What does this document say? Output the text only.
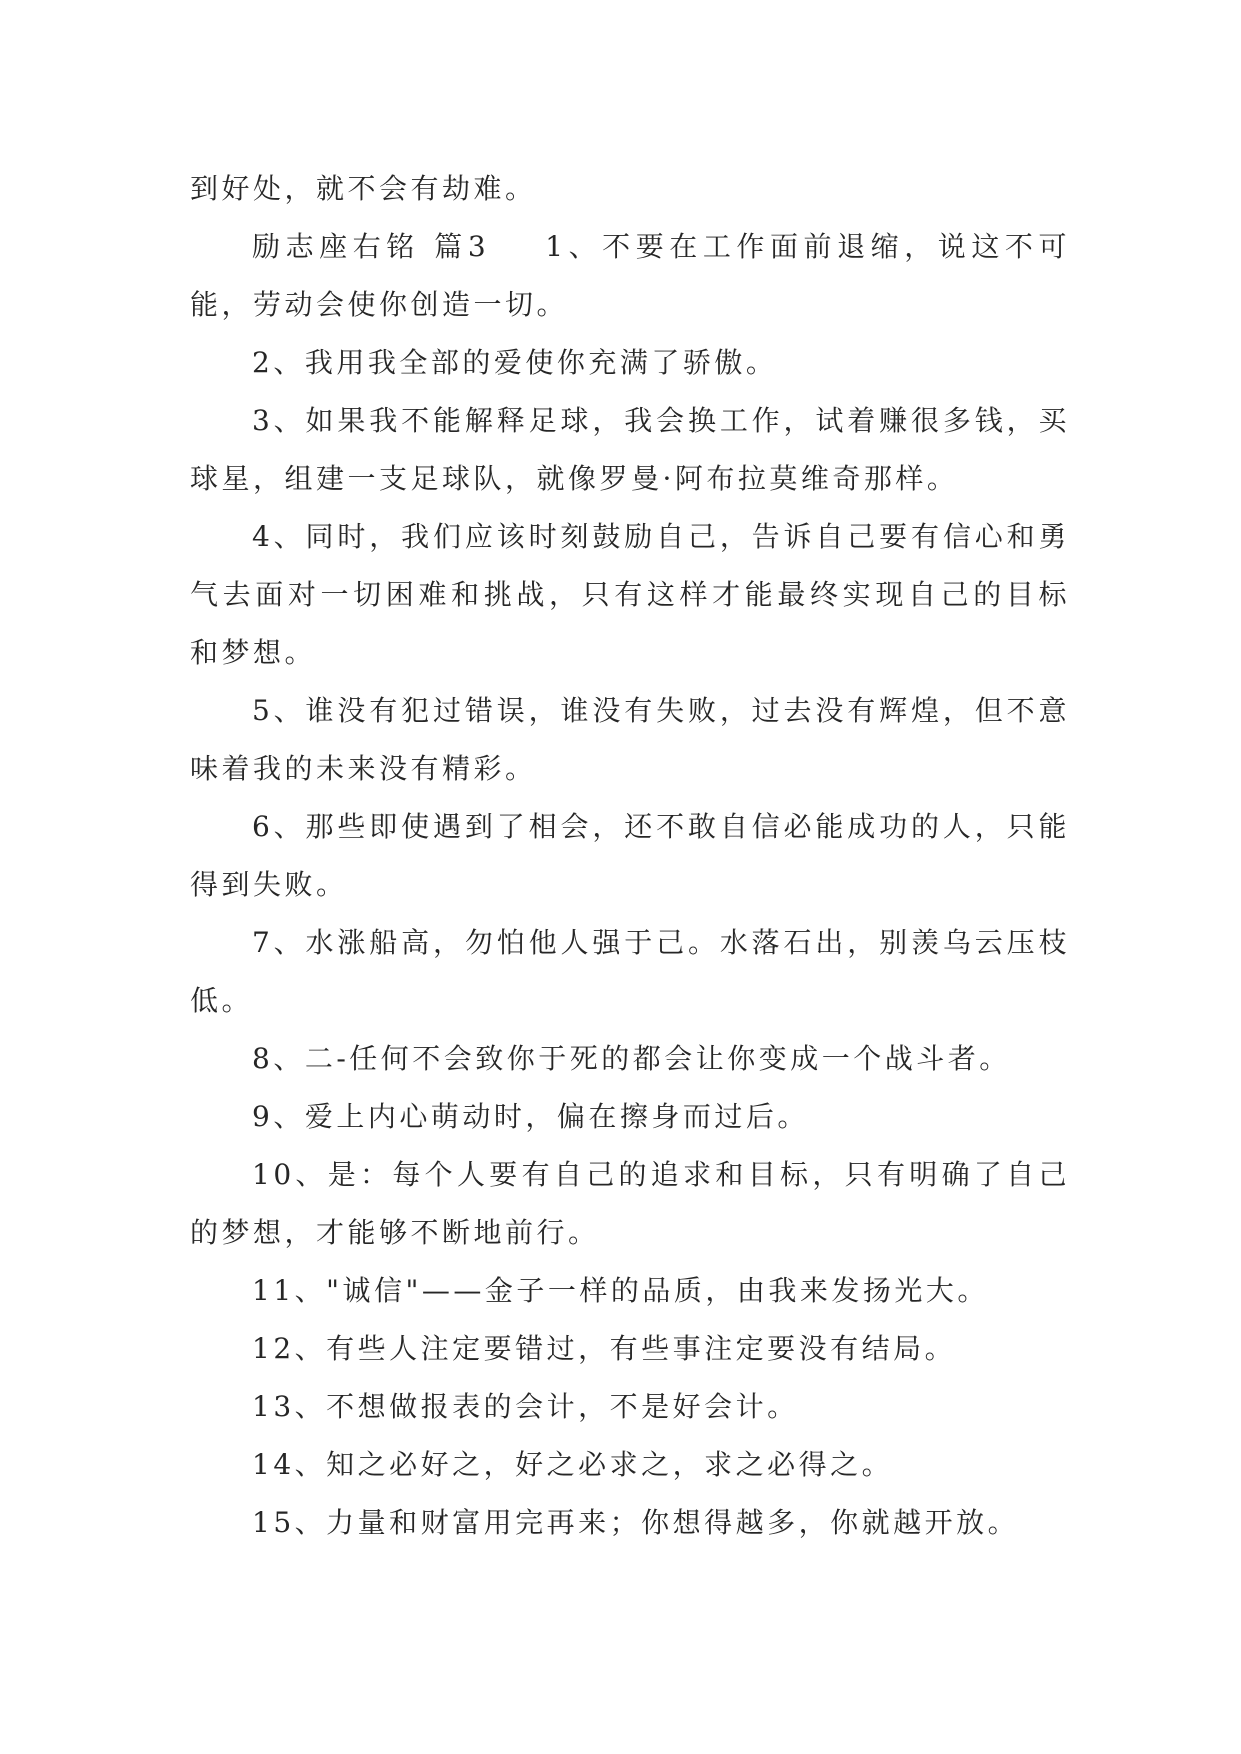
到好处，就不会有劫难。

励志座右铭 篇3 1、不要在工作面前退缩，说这不可能，劳动会使你创造一切。

2、我用我全部的爱使你充满了骄傲。

3、如果我不能解释足球，我会换工作，试着赚很多钱，买球星，组建一支足球队，就像罗曼·阿布拉莫维奇那样。

4、同时，我们应该时刻鼓励自己，告诉自己要有信心和勇气去面对一切困难和挑战，只有这样才能最终实现自己的目标和梦想。

5、谁没有犯过错误，谁没有失败，过去没有辉煌，但不意味着我的未来没有精彩。

6、那些即使遇到了相会，还不敢自信必能成功的人，只能得到失败。

7、水涨船高，勿怕他人强于己。水落石出，别羡乌云压枝低。

8、二-任何不会致你于死的都会让你变成一个战斗者。

9、爱上内心萌动时，偏在擦身而过后。

10、是：每个人要有自己的追求和目标，只有明确了自己的梦想，才能够不断地前行。

11、"诚信"——金子一样的品质，由我来发扬光大。

12、有些人注定要错过，有些事注定要没有结局。

13、不想做报表的会计，不是好会计。

14、知之必好之，好之必求之，求之必得之。

15、力量和财富用完再来；你想得越多，你就越开放。
